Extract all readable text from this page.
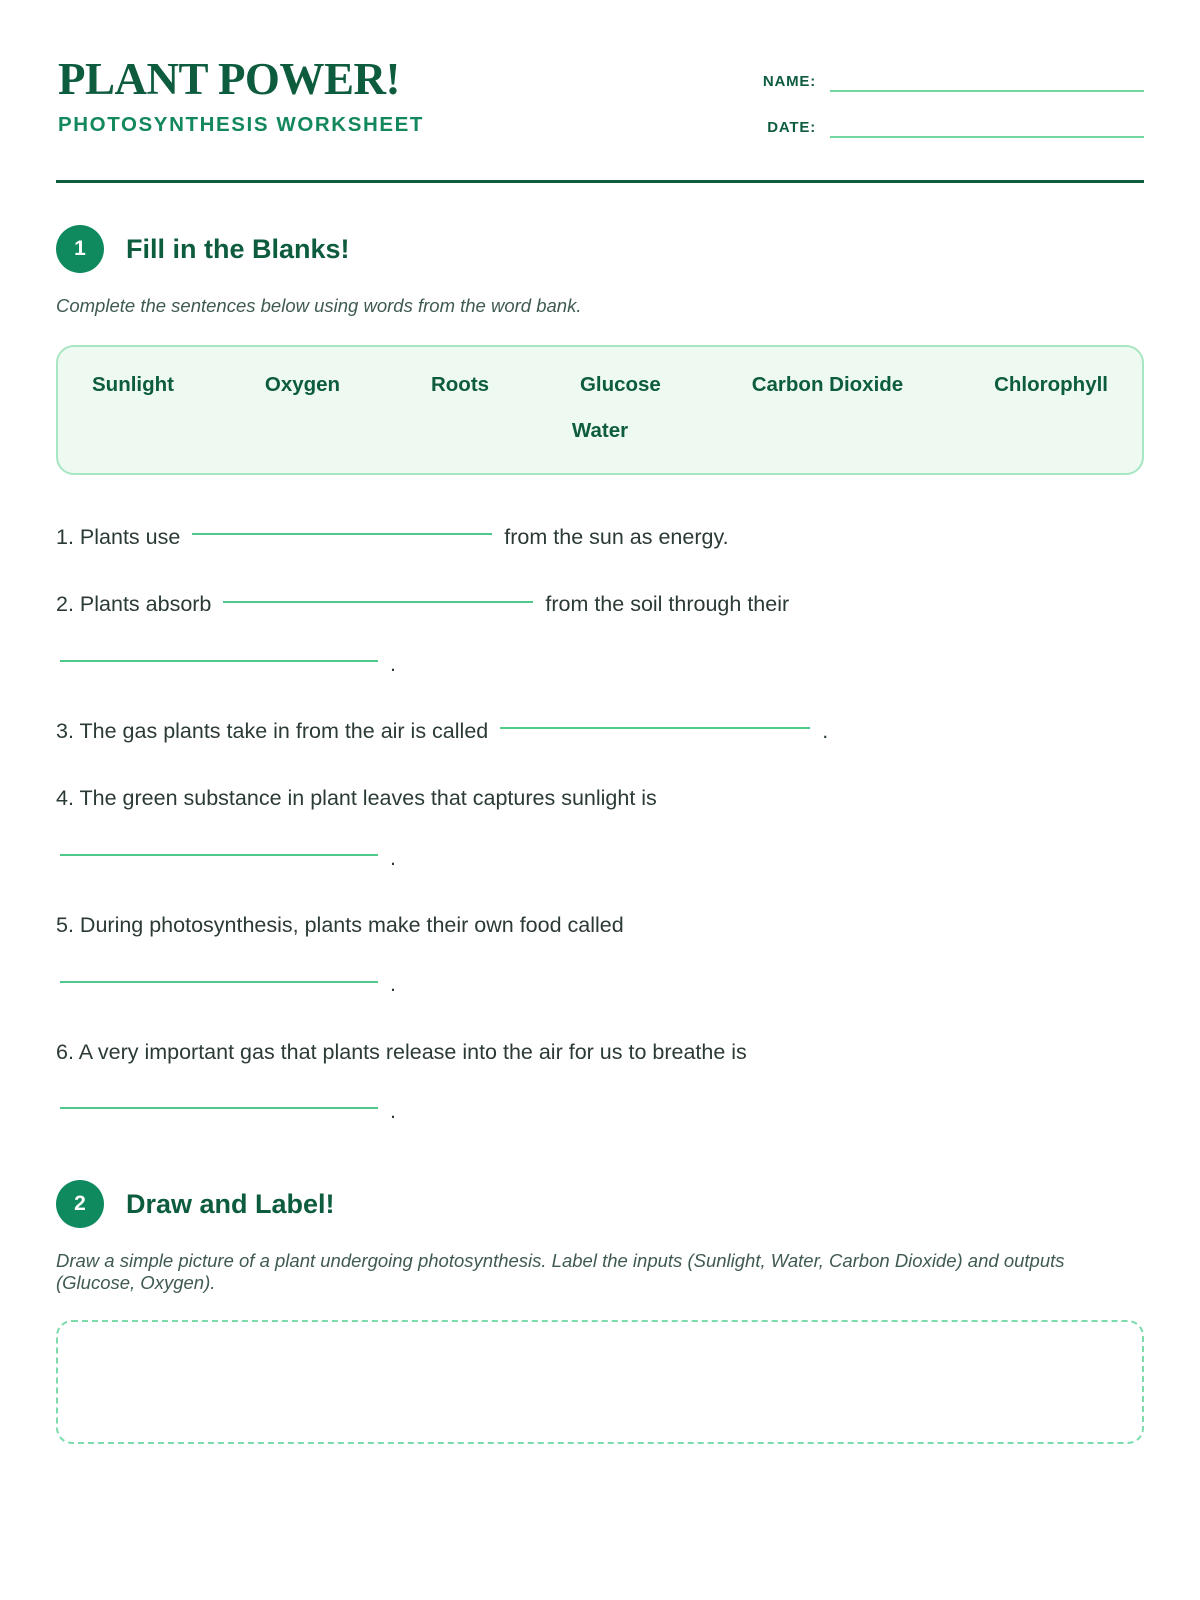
PLANT POWER!
PHOTOSYNTHESIS WORKSHEET
NAME:
DATE:
1	Fill in the Blanks!
Complete the sentences below using words from the word bank.
Sunlight	Oxygen	Roots	Glucose	Carbon Dioxide	Chlorophyll
Water
1. Plants use	from the sun as energy.
2. Plants absorb	from the soil through their
.
3. The gas plants take in from the air is called	.
4. The green substance in plant leaves that captures sunlight is
.
5. During photosynthesis, plants make their own food called
.
6. A very important gas that plants release into the air for us to breathe is
.
2	Draw and Label!
Draw a simple picture of a plant undergoing photosynthesis. Label the inputs (Sunlight, Water, Carbon Dioxide) and outputs (Glucose, Oxygen).
